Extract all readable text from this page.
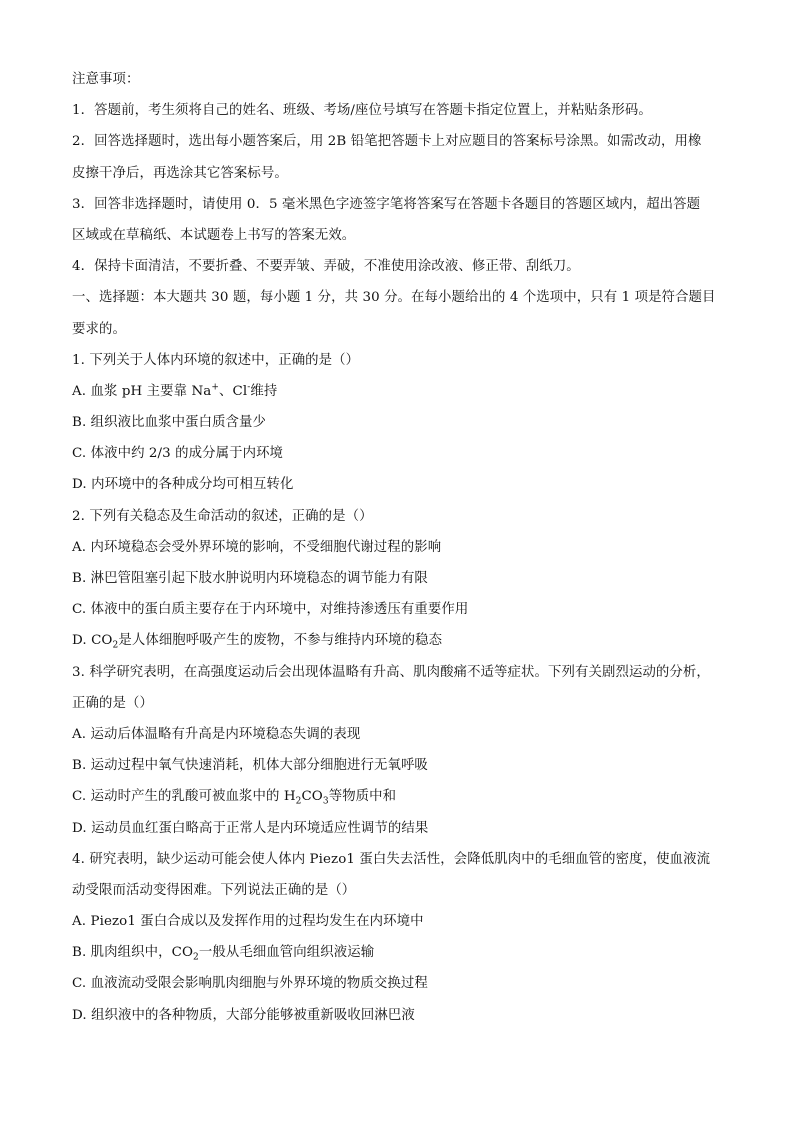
注意事项：
1．答题前，考生须将自己的姓名、班级、考场/座位号填写在答题卡指定位置上，并粘贴条形码。
2．回答选择题时，选出每小题答案后，用 2B 铅笔把答题卡上对应题目的答案标号涂黑。如需改动，用橡
皮擦干净后，再选涂其它答案标号。
3．回答非选择题时，请使用 0．5 毫米黑色字迹签字笔将答案写在答题卡各题目的答题区域内，超出答题
区域或在草稿纸、本试题卷上书写的答案无效。
4．保持卡面清洁，不要折叠、不要弄皱、弄破，不准使用涂改液、修正带、刮纸刀。
一、选择题：本大题共 30 题，每小题 1 分，共 30 分。在每小题给出的 4 个选项中，只有 1 项是符合题目
要求的。
1. 下列关于人体内环境的叙述中，正确的是（）
A. 血浆 pH 主要靠 Na+、Cl-维持
B. 组织液比血浆中蛋白质含量少
C. 体液中约 2/3 的成分属于内环境
D. 内环境中的各种成分均可相互转化
2. 下列有关稳态及生命活动的叙述，正确的是（）
A. 内环境稳态会受外界环境的影响，不受细胞代谢过程的影响
B. 淋巴管阻塞引起下肢水肿说明内环境稳态的调节能力有限
C. 体液中的蛋白质主要存在于内环境中，对维持渗透压有重要作用
D. $CO_2$是人体细胞呼吸产生的废物，不参与维持内环境的稳态
3. 科学研究表明，在高强度运动后会出现体温略有升高、肌肉酸痛不适等症状。下列有关剧烈运动的分析，
正确的是（）
A. 运动后体温略有升高是内环境稳态失调的表现
B. 运动过程中氧气快速消耗，机体大部分细胞进行无氧呼吸
C. 运动时产生的乳酸可被血浆中的 $H_2CO_3$等物质中和
D. 运动员血红蛋白略高于正常人是内环境适应性调节的结果
4. 研究表明，缺少运动可能会使人体内 Piezo1 蛋白失去活性，会降低肌肉中的毛细血管的密度，使血液流
动受限而活动变得困难。下列说法正确的是（）
A. Piezo1 蛋白合成以及发挥作用的过程均发生在内环境中
B. 肌肉组织中，$CO_2$一般从毛细血管向组织液运输
C. 血液流动受限会影响肌肉细胞与外界环境的物质交换过程
D. 组织液中的各种物质，大部分能够被重新吸收回淋巴液
